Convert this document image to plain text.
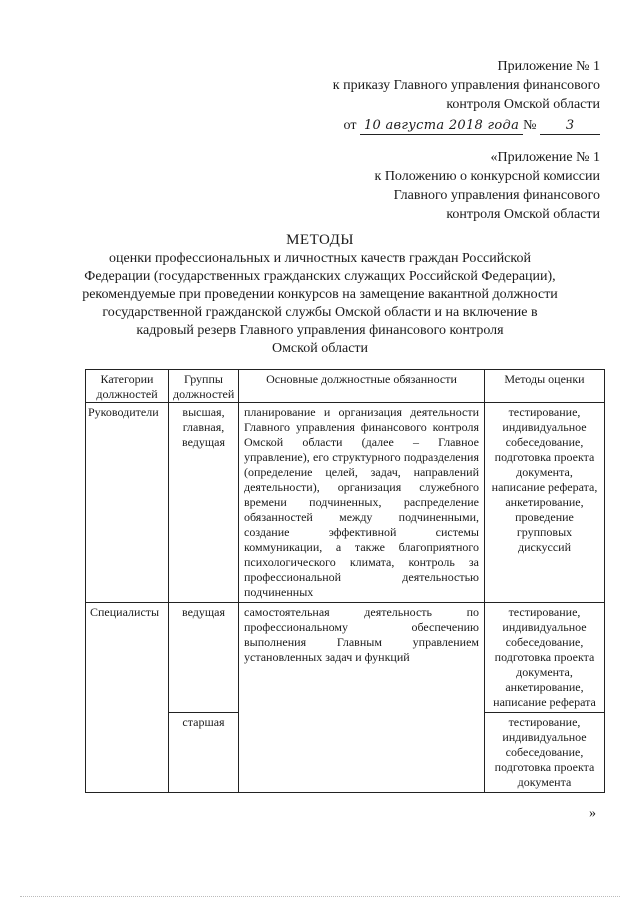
Приложение № 1
к приказу Главного управления финансового
контроля Омской области
от 10 августа 2018 года № 3
«Приложение № 1
к Положению о конкурсной комиссии
Главного управления финансового
контроля Омской области
МЕТОДЫ
оценки профессиональных и личностных качеств граждан Российской
Федерации (государственных гражданских служащих Российской Федерации),
рекомендуемые при проведении конкурсов на замещение вакантной должности
государственной гражданской службы Омской области и на включение в
кадровый резерв Главного управления финансового контроля
Омской области
Категории должностей	Группы должностей	Основные должностные обязанности	Методы оценки
Руководители	высшая, главная, ведущая	планирование и организация деятельности Главного управления финансового контроля Омской области (далее – Главное управление), его структурного подразделения (определение целей, задач, направлений деятельности), организация служебного времени подчиненных, распределение обязанностей между подчиненными, создание эффективной системы коммуникации, а также благоприятного психологического климата, контроль за профессиональной деятельностью подчиненных	тестирование, индивидуальное собеседование, подготовка проекта документа, написание реферата, анкетирование, проведение групповых дискуссий
Специалисты	ведущая	самостоятельная деятельность по профессиональному обеспечению выполнения Главным управлением установленных задач и функций	тестирование, индивидуальное собеседование, подготовка проекта документа, анкетирование, написание реферата
	старшая		тестирование, индивидуальное собеседование, подготовка проекта документа
»
